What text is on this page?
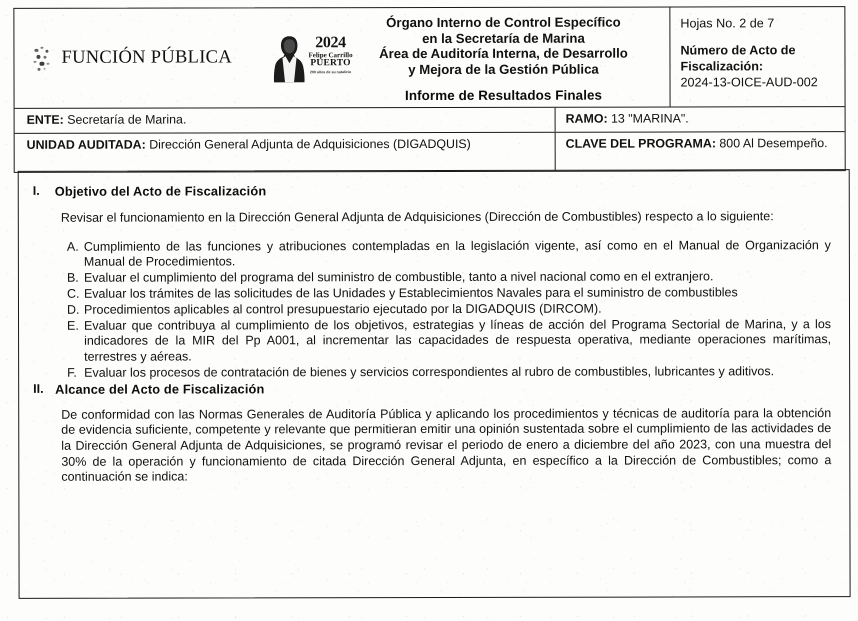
FUNCIÓN PÚBLICA
2024
Felipe Carrillo
PUERTO
200 años de su natalicio
Órgano Interno de Control Específico
en la Secretaría de Marina
Área de Auditoría Interna, de Desarrollo
y Mejora de la Gestión Pública
Informe de Resultados Finales
Hojas No. 2 de 7
Número de Acto de
Fiscalización:
2024-13-OICE-AUD-002
ENTE: Secretaría de Marina.	RAMO: 13 "MARINA".
UNIDAD AUDITADA: Dirección General Adjunta de Adquisiciones (DIGADQUIS)	CLAVE DEL PROGRAMA: 800 Al Desempeño.
I.	Objetivo del Acto de Fiscalización
Revisar el funcionamiento en la Dirección General Adjunta de Adquisiciones (Dirección de Combustibles) respecto a lo siguiente:
A. Cumplimiento de las funciones y atribuciones contempladas en la legislación vigente, así como en el Manual de Organización y Manual de Procedimientos.
B. Evaluar el cumplimiento del programa del suministro de combustible, tanto a nivel nacional como en el extranjero.
C. Evaluar los trámites de las solicitudes de las Unidades y Establecimientos Navales para el suministro de combustibles
D. Procedimientos aplicables al control presupuestario ejecutado por la DIGADQUIS (DIRCOM).
E. Evaluar que contribuya al cumplimiento de los objetivos, estrategias y líneas de acción del Programa Sectorial de Marina, y a los indicadores de la MIR del Pp A001, al incrementar las capacidades de respuesta operativa, mediante operaciones marítimas, terrestres y aéreas.
F. Evaluar los procesos de contratación de bienes y servicios correspondientes al rubro de combustibles, lubricantes y aditivos.
II. Alcance del Acto de Fiscalización
De conformidad con las Normas Generales de Auditoría Pública y aplicando los procedimientos y técnicas de auditoría para la obtención de evidencia suficiente, competente y relevante que permitieran emitir una opinión sustentada sobre el cumplimiento de las actividades de la Dirección General Adjunta de Adquisiciones, se programó revisar el periodo de enero a diciembre del año 2023, con una muestra del 30% de la operación y funcionamiento de citada Dirección General Adjunta, en específico a la Dirección de Combustibles; como a continuación se indica:
